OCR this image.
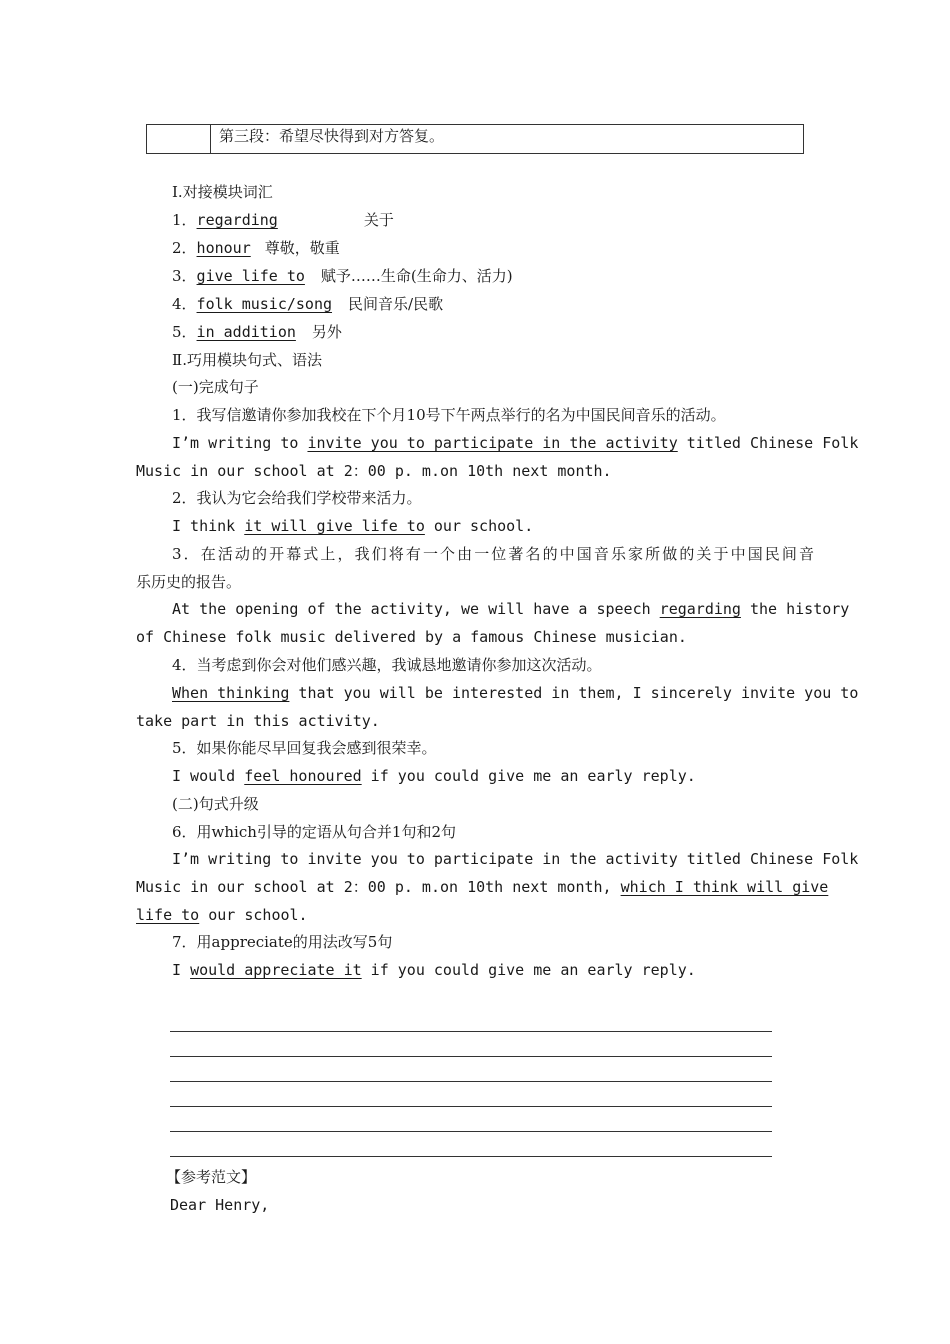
第三段：希望尽快得到对方答复。
Ⅰ.对接模块词汇
1．regarding	关于
2．honour 尊敬，敬重
3．give life to 赋予……生命(生命力、活力)
4．folk music/song 民间音乐/民歌
5．in addition 另外
Ⅱ.巧用模块句式、语法
(一)完成句子
1．我写信邀请你参加我校在下个月10号下午两点举行的名为中国民间音乐的活动。
I’m writing to invite you to participate in the activity titled Chinese Folk
Music in our school at 2：00 p. m.on 10th next month.
2．我认为它会给我们学校带来活力。
I think it will give life to our school.
3．在活动的开幕式上，我们将有一个由一位著名的中国音乐家所做的关于中国民间音
乐历史的报告。
At the opening of the activity, we will have a speech regarding the history
of Chinese folk music delivered by a famous Chinese musician.
4．当考虑到你会对他们感兴趣，我诚恳地邀请你参加这次活动。
When thinking that you will be interested in them, I sincerely invite you to
take part in this activity.
5．如果你能尽早回复我会感到很荣幸。
I would feel honoured if you could give me an early reply.
(二)句式升级
6．用which引导的定语从句合并1句和2句
I’m writing to invite you to participate in the activity titled Chinese Folk
Music in our school at 2：00 p. m.on 10th next month, which I think will give
life to our school.
7．用appreciate的用法改写5句
I would appreciate it if you could give me an early reply.
【参考范文】
Dear Henry,
